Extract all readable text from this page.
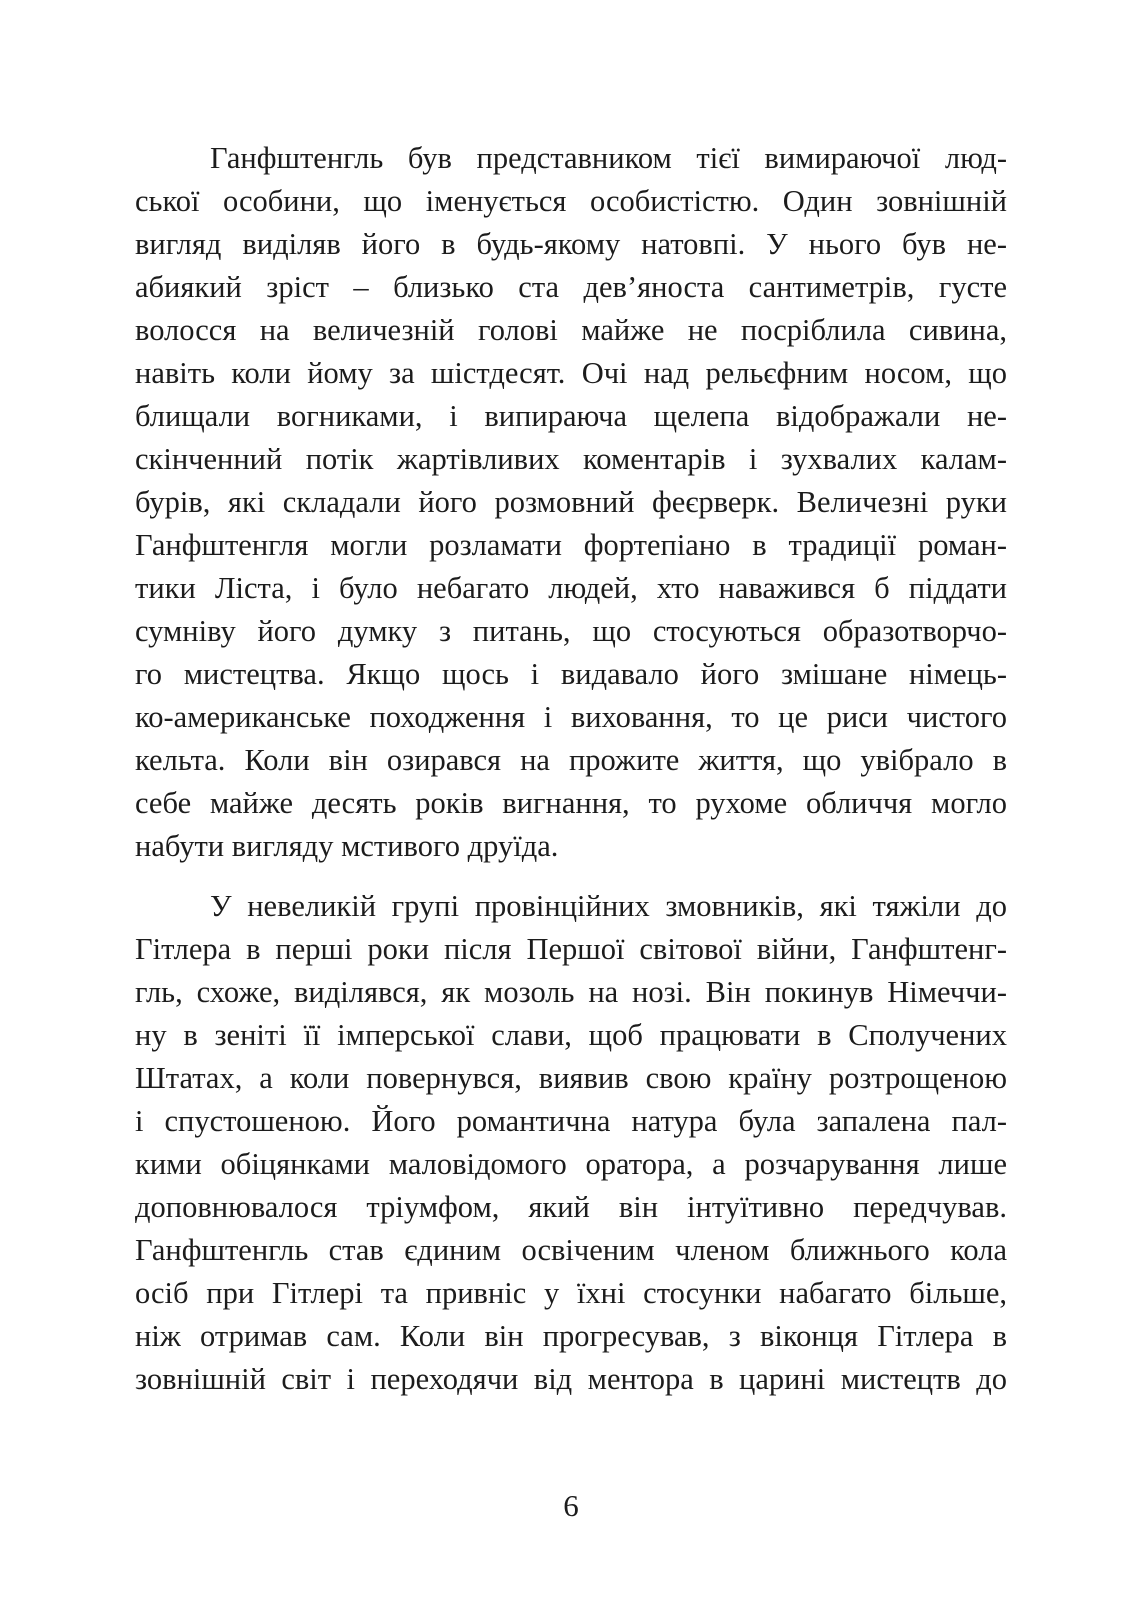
Ганфштенгль був представником тієї вимираючої люд-
ської особини, що іменується особистістю. Один зовнішній
вигляд виділяв його в будь-якому натовпі. У нього був не-
абиякий зріст – близько ста дев’яноста сантиметрів, густе
волосся на величезній голові майже не посріблила сивина,
навіть коли йому за шістдесят. Очі над рельєфним носом, що
блищали вогниками, і випираюча щелепа відображали не-
скінченний потік жартівливих коментарів і зухвалих калам-
бурів, які складали його розмовний феєрверк. Величезні руки
Ганфштенгля могли розламати фортепіано в традиції роман-
тики Ліста, і було небагато людей, хто наважився б піддати
сумніву його думку з питань, що стосуються образотворчо-
го мистецтва. Якщо щось і видавало його змішане німець-
ко-американське походження і виховання, то це риси чистого
кельта. Коли він озирався на прожите життя, що увібрало в
себе майже десять років вигнання, то рухоме обличчя могло
набути вигляду мстивого друїда.
У невеликій групі провінційних змовників, які тяжіли до
Гітлера в перші роки після Першої світової війни, Ганфштенг-
гль, схоже, виділявся, як мозоль на нозі. Він покинув Німеччи-
ну в зеніті її імперської слави, щоб працювати в Сполучених
Штатах, а коли повернувся, виявив свою країну розтрощеною
і спустошеною. Його романтична натура була запалена пал-
кими обіцянками маловідомого оратора, а розчарування лише
доповнювалося тріумфом, який він інтуїтивно передчував.
Ганфштенгль став єдиним освіченим членом ближнього кола
осіб при Гітлері та привніс у їхні стосунки набагато більше,
ніж отримав сам. Коли він прогресував, з віконця Гітлера в
зовнішній світ і переходячи від ментора в царині мистецтв до
6
